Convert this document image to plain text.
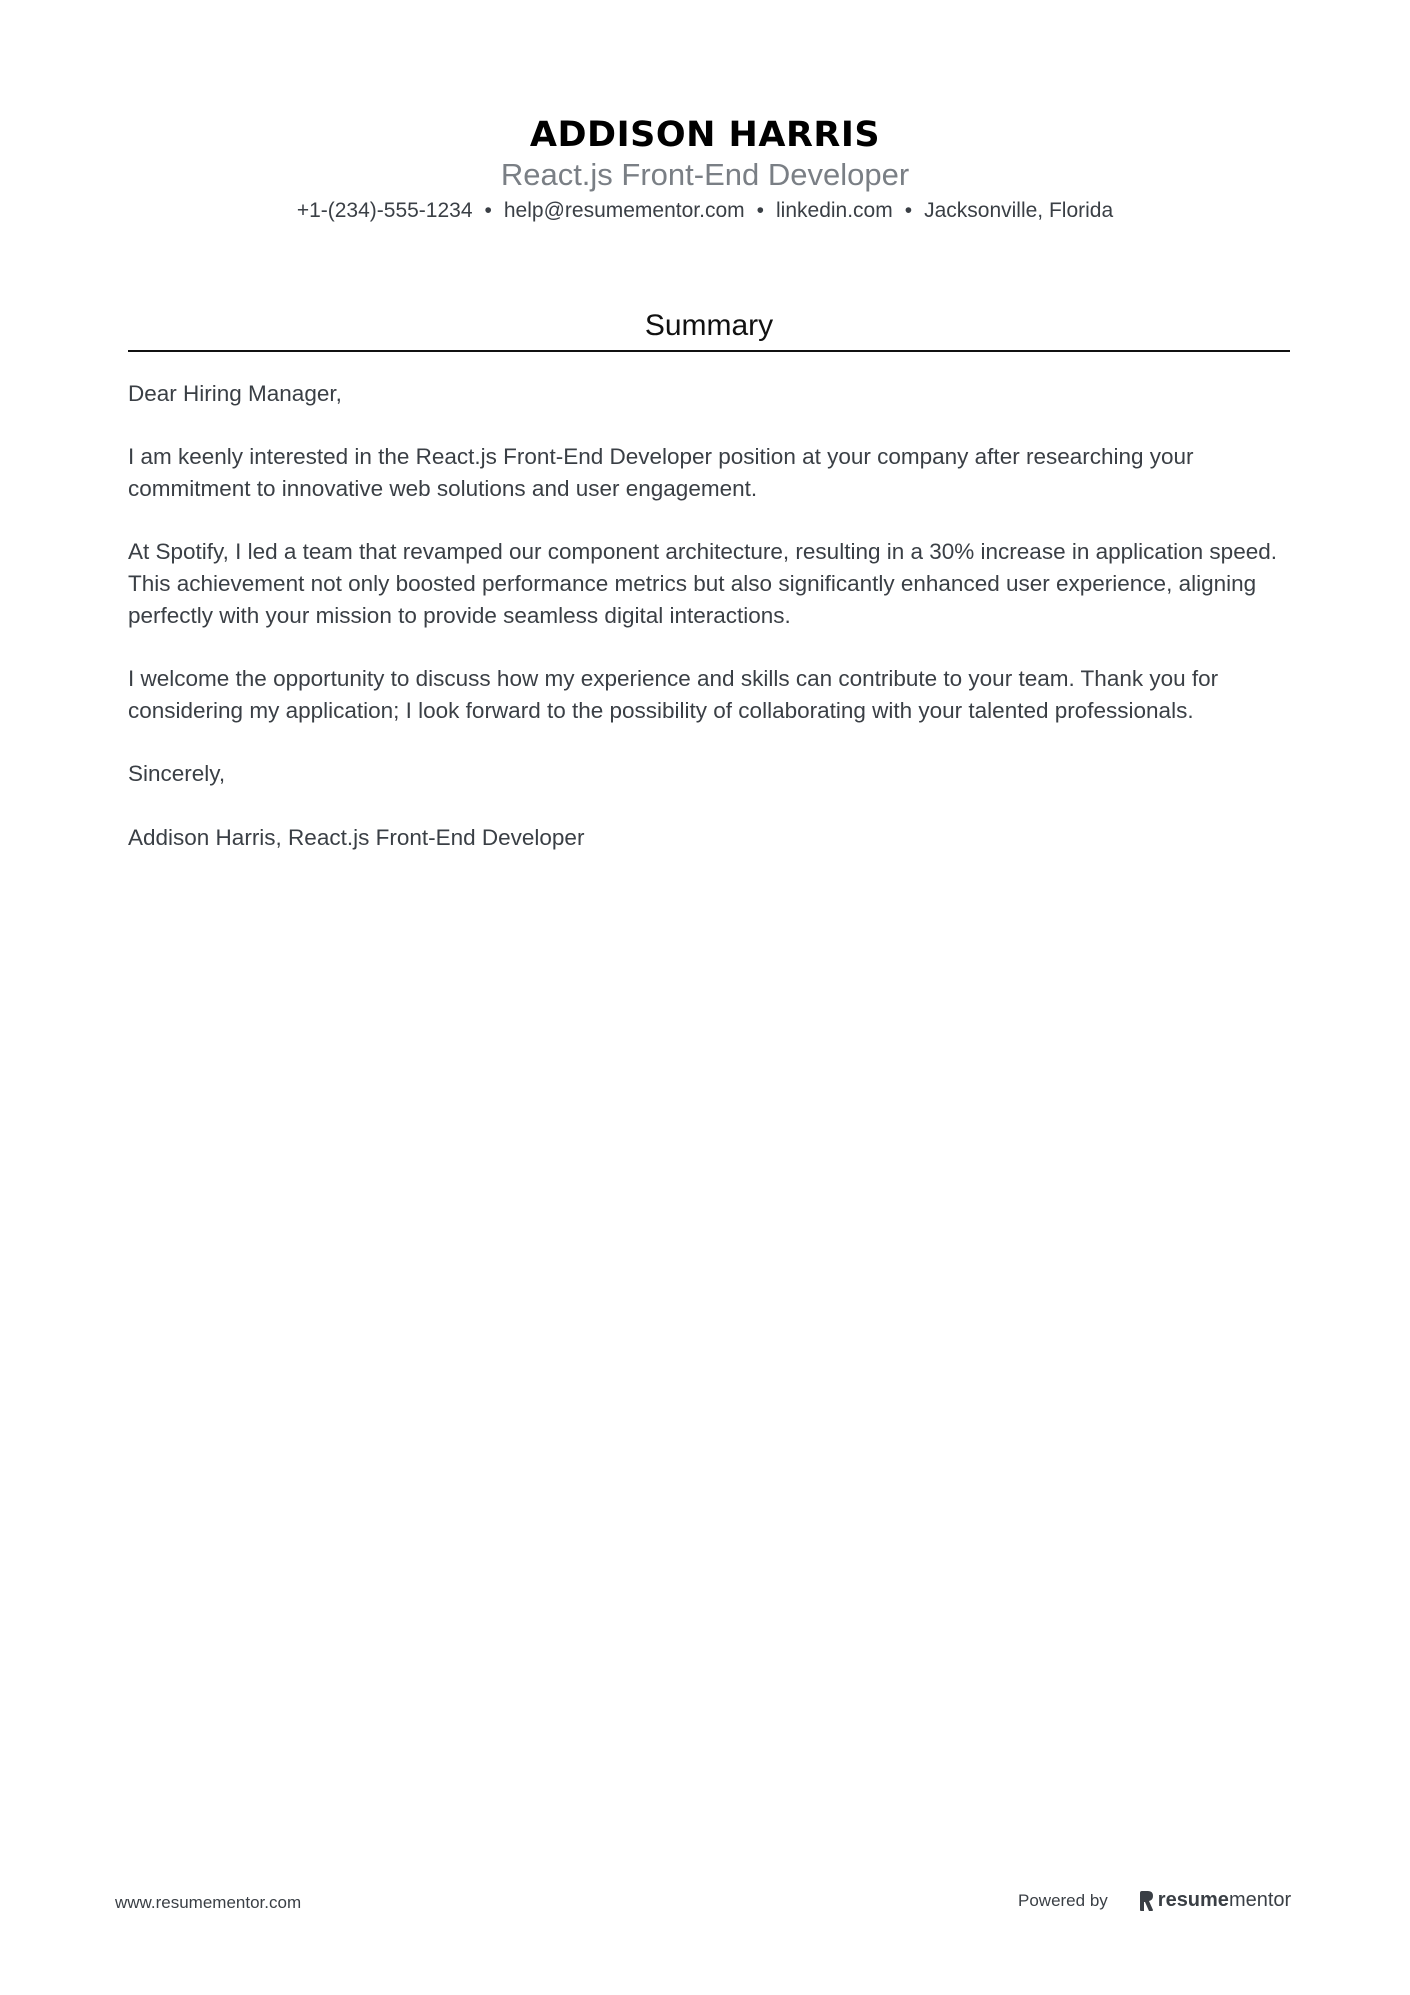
ADDISON HARRIS
React.js Front-End Developer
+1-(234)-555-1234 • help@resumementor.com • linkedin.com • Jacksonville, Florida
Summary

Dear Hiring Manager,

I am keenly interested in the React.js Front-End Developer position at your company after researching your commitment to innovative web solutions and user engagement.

At Spotify, I led a team that revamped our component architecture, resulting in a 30% increase in application speed. This achievement not only boosted performance metrics but also significantly enhanced user experience, aligning perfectly with your mission to provide seamless digital interactions.

I welcome the opportunity to discuss how my experience and skills can contribute to your team. Thank you for considering my application; I look forward to the possibility of collaborating with your talented professionals.

Sincerely,

Addison Harris, React.js Front-End Developer

www.resumementor.com	Powered by	resume mentor
